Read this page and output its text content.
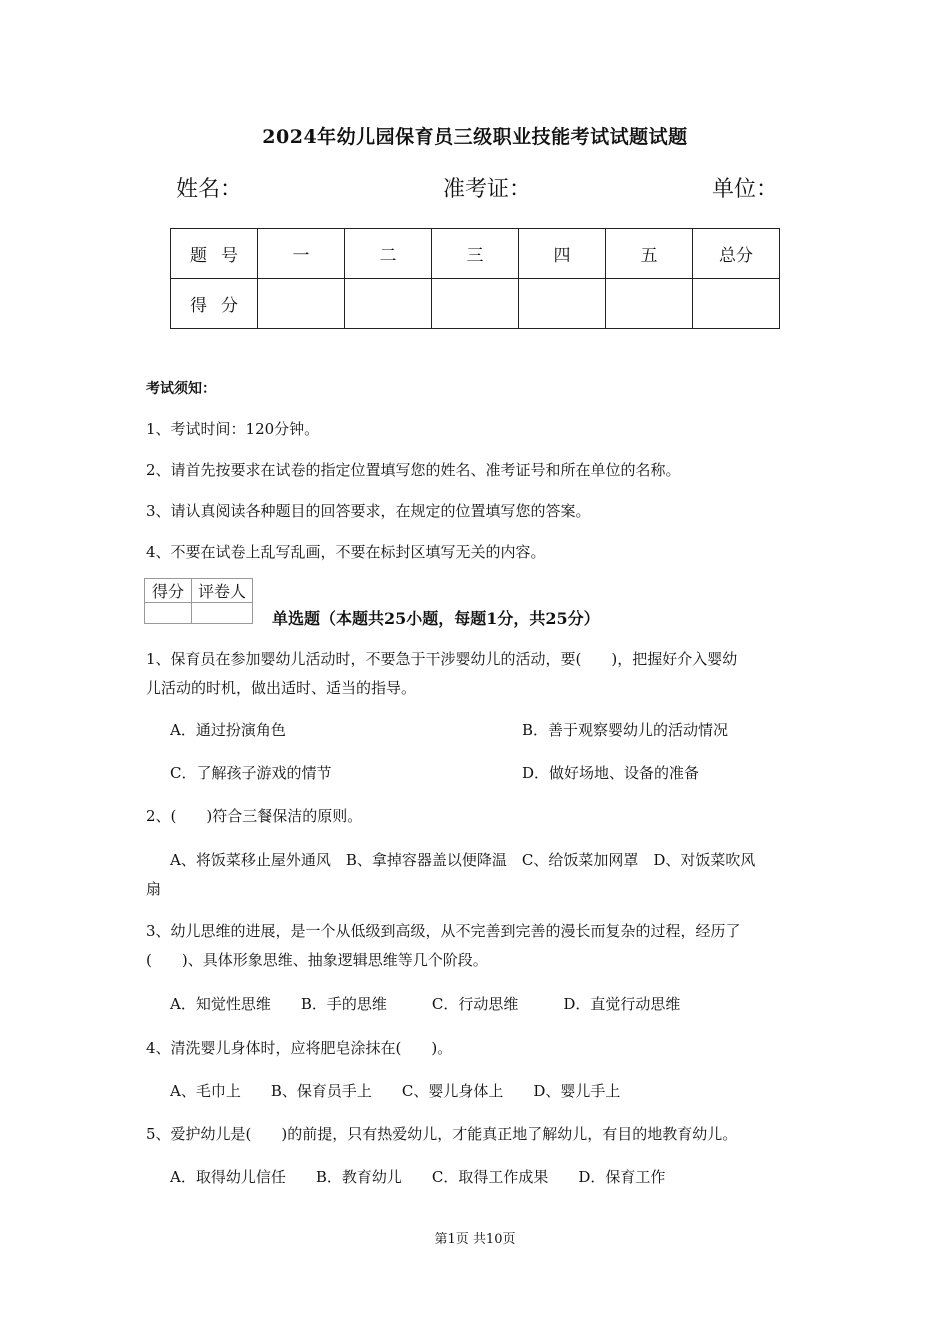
2024年幼儿园保育员三级职业技能考试试题试题
姓名：	准考证：	单位：
题号	一	二	三	四	五	总分
得分						
考试须知：
1、考试时间：120分钟。
2、请首先按要求在试卷的指定位置填写您的姓名、准考证号和所在单位的名称。
3、请认真阅读各种题目的回答要求，在规定的位置填写您的答案。
4、不要在试卷上乱写乱画，不要在标封区填写无关的内容。
得分	评卷人

单选题（本题共25小题，每题1分，共25分）
1、保育员在参加婴幼儿活动时，不要急于干涉婴幼儿的活动，要(　　)，把握好介入婴幼
儿活动的时机，做出适时、适当的指导。
A．通过扮演角色	B．善于观察婴幼儿的活动情况
C．了解孩子游戏的情节	D．做好场地、设备的准备
2、(　　)符合三餐保洁的原则。
A、将饭菜移止屋外通风　B、拿掉容器盖以便降温　C、给饭菜加网罩　D、对饭菜吹风
扇
3、幼儿思维的进展，是一个从低级到高级，从不完善到完善的漫长而复杂的过程，经历了
(　　)、具体形象思维、抽象逻辑思维等几个阶段。
A．知觉性思维　　B．手的思维　　　C．行动思维　　　D．直觉行动思维
4、清洗婴儿身体时，应将肥皂涂抹在(　　)。
A、毛巾上　　B、保育员手上　　C、婴儿身体上　　D、婴儿手上
5、爱护幼儿是(　　)的前提，只有热爱幼儿，才能真正地了解幼儿，有目的地教育幼儿。
A．取得幼儿信任　　B．教育幼儿　　C．取得工作成果　　D．保育工作
第1页 共10页
